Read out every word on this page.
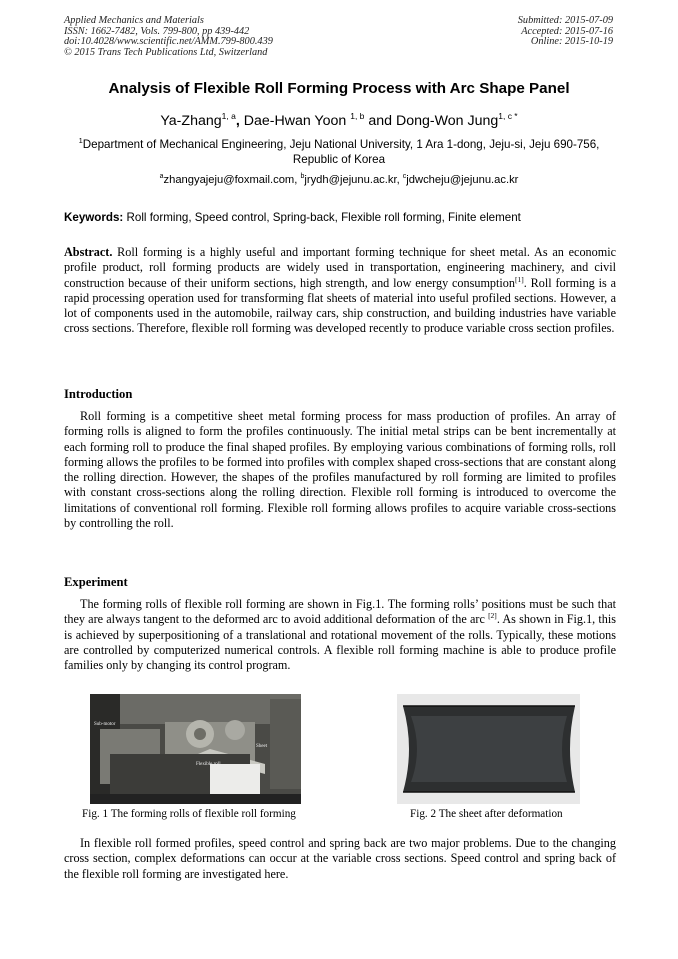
Applied Mechanics and Materials
ISSN: 1662-7482, Vols. 799-800, pp 439-442
doi:10.4028/www.scientific.net/AMM.799-800.439
© 2015 Trans Tech Publications Ltd, Switzerland
Submitted: 2015-07-09
Accepted: 2015-07-16
Online: 2015-10-19
Analysis of Flexible Roll Forming Process with Arc Shape Panel
Ya-Zhang$^{1, a}$, Dae-Hwan Yoon $^{1, b}$ and Dong-Won Jung$^{1, c *}$
$^1$Department of Mechanical Engineering, Jeju National University, 1 Ara 1-dong, Jeju-si, Jeju 690-756, Republic of Korea
$^a$zhangyajeju@foxmail.com, $^b$jrydh@jejunu.ac.kr, $^c$jdwcheju@jejunu.ac.kr
Keywords: Roll forming, Speed control, Spring-back, Flexible roll forming, Finite element
Abstract. Roll forming is a highly useful and important forming technique for sheet metal. As an economic profile product, roll forming products are widely used in transportation, engineering machinery, and civil construction because of their uniform sections, high strength, and low energy consumption[1]. Roll forming is a rapid processing operation used for transforming flat sheets of material into useful profiled sections. However, a lot of components used in the automobile, railway cars, ship construction, and building industries have variable cross sections. Therefore, flexible roll forming was developed recently to produce variable cross section profiles.
Introduction
Roll forming is a competitive sheet metal forming process for mass production of profiles. An array of forming rolls is aligned to form the profiles continuously. The initial metal strips can be bent incrementally at each forming roll to produce the final shaped profiles. By employing various combinations of forming rolls, roll forming allows the profiles to be formed into profiles with complex shaped cross-sections that are constant along the rolling direction. However, the shapes of the profiles manufactured by roll forming are limited to profiles with constant cross-sections along the rolling direction. Flexible roll forming is introduced to overcome the limitations of conventional roll forming. Flexible roll forming allows profiles to acquire variable cross-sections by controlling the roll.
Experiment
The forming rolls of flexible roll forming are shown in Fig.1. The forming rolls’ positions must be such that they are always tangent to the deformed arc to avoid additional deformation of the arc [2]. As shown in Fig.1, this is achieved by superpositioning of a translational and rotational movement of the rolls. Typically, these motions are controlled by computerized numerical controls. A flexible roll forming machine is able to produce profile families only by changing its control program.
Sub-motor
Sheet
Flexible roll
Fig. 1 The forming rolls of flexible roll forming	Fig. 2 The sheet after deformation
In flexible roll formed profiles, speed control and spring back are two major problems. Due to the changing cross section, complex deformations can occur at the variable cross sections. Speed control and spring back of the flexible roll forming are investigated here.
